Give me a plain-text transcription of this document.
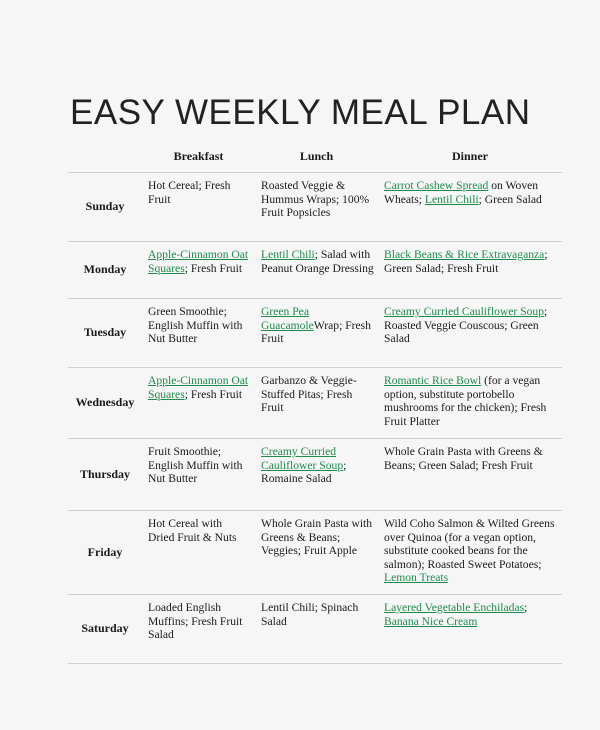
EASY WEEKLY MEAL PLAN
	Breakfast	Lunch	Dinner
Sunday	Hot Cereal; Fresh Fruit	Roasted Veggie & Hummus Wraps; 100% Fruit Popsicles	Carrot Cashew Spread on Woven Wheats; Lentil Chili; Green Salad
Monday	Apple-Cinnamon Oat Squares; Fresh Fruit	Lentil Chili; Salad with Peanut Orange Dressing	Black Beans & Rice Extravaganza; Green Salad; Fresh Fruit
Tuesday	Green Smoothie; English Muffin with Nut Butter	Green Pea GuacamoleWrap; Fresh Fruit	Creamy Curried Cauliflower Soup; Roasted Veggie Couscous; Green Salad
Wednesday	Apple-Cinnamon Oat Squares; Fresh Fruit	Garbanzo & Veggie-Stuffed Pitas; Fresh Fruit	Romantic Rice Bowl (for a vegan option, substitute portobello mushrooms for the chicken); Fresh Fruit Platter
Thursday	Fruit Smoothie; English Muffin with Nut Butter	Creamy Curried Cauliflower Soup; Romaine Salad	Whole Grain Pasta with Greens & Beans; Green Salad; Fresh Fruit
Friday	Hot Cereal with Dried Fruit & Nuts	Whole Grain Pasta with Greens & Beans; Veggies; Fruit Apple	Wild Coho Salmon & Wilted Greens over Quinoa (for a vegan option, substitute cooked beans for the salmon); Roasted Sweet Potatoes; Lemon Treats
Saturday	Loaded English Muffins; Fresh Fruit Salad	Lentil Chili; Spinach Salad	Layered Vegetable Enchiladas; Banana Nice Cream
